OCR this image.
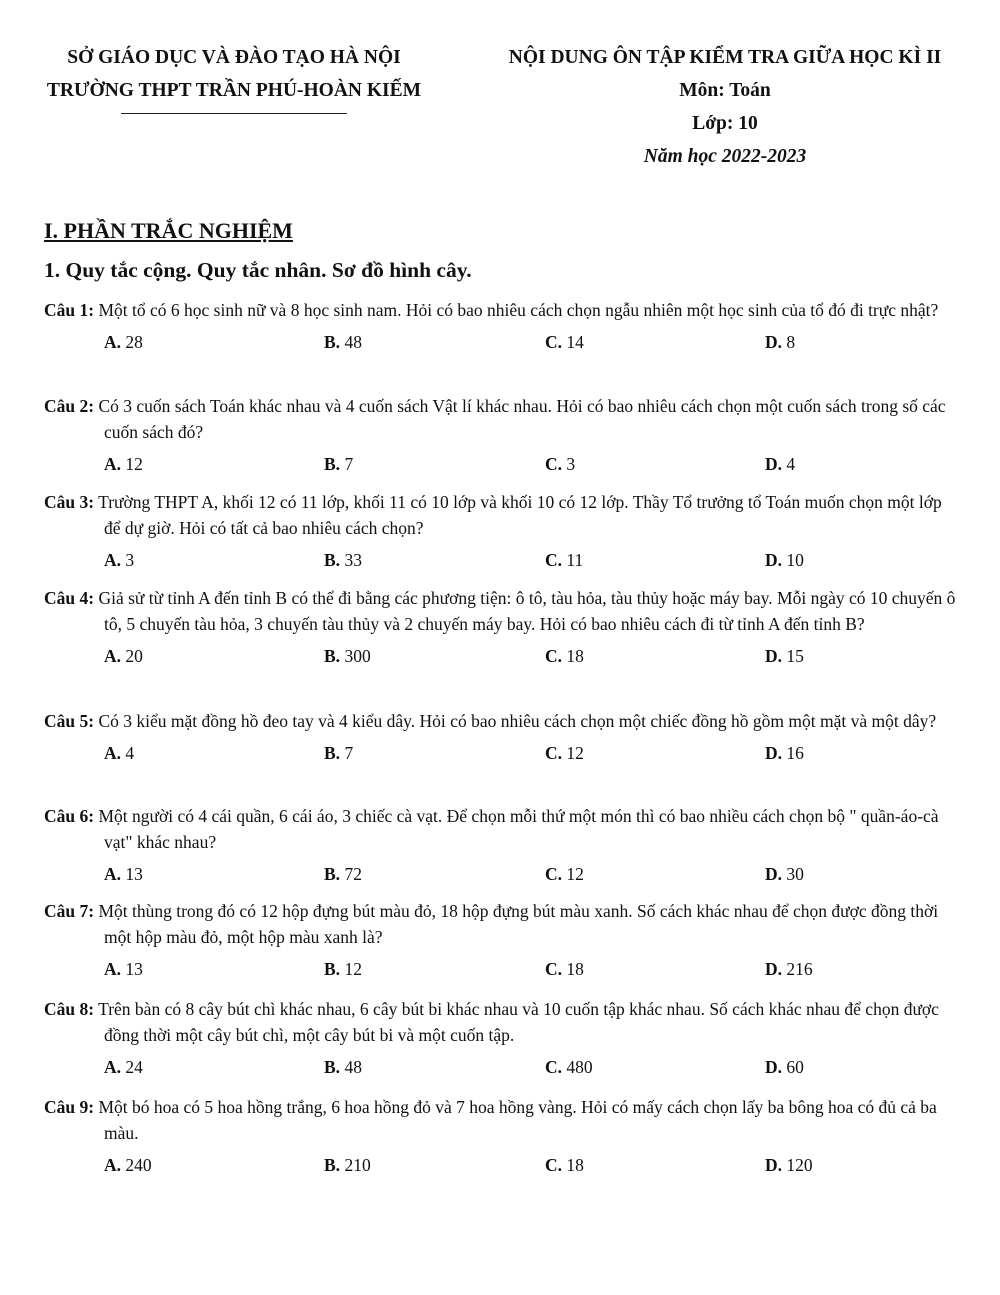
SỞ GIÁO DỤC VÀ ĐÀO TẠO HÀ NỘI
TRƯỜNG THPT TRẦN PHÚ-HOÀN KIẾM
NỘI DUNG ÔN TẬP KIỂM TRA GIỮA HỌC KÌ II
Môn: Toán
Lớp: 10
Năm học 2022-2023
I. PHẦN TRẮC NGHIỆM
1. Quy tắc cộng. Quy tắc nhân. Sơ đồ hình cây.
Câu 1: Một tổ có 6 học sinh nữ và 8 học sinh nam. Hỏi có bao nhiêu cách chọn ngẫu nhiên một học sinh của tổ đó đi trực nhật?
A. 28	B. 48	C. 14	D. 8
Câu 2: Có 3 cuốn sách Toán khác nhau và 4 cuốn sách Vật lí khác nhau. Hỏi có bao nhiêu cách chọn một cuốn sách trong số các cuốn sách đó?
A. 12	B. 7	C. 3	D. 4
Câu 3: Trường THPT A, khối 12 có 11 lớp, khối 11 có 10 lớp và khối 10 có 12 lớp. Thầy Tổ trưởng tổ Toán muốn chọn một lớp để dự giờ. Hỏi có tất cả bao nhiêu cách chọn?
A. 3	B. 33	C. 11	D. 10
Câu 4: Giả sử từ tỉnh A đến tỉnh B có thể đi bằng các phương tiện: ô tô, tàu hỏa, tàu thủy hoặc máy bay. Mỗi ngày có 10 chuyến ô tô, 5 chuyến tàu hỏa, 3 chuyến tàu thủy và 2 chuyến máy bay. Hỏi có bao nhiêu cách đi từ tỉnh A đến tỉnh B?
A. 20	B. 300	C. 18	D. 15
Câu 5: Có 3 kiểu mặt đồng hồ đeo tay và 4 kiểu dây. Hỏi có bao nhiêu cách chọn một chiếc đồng hồ gồm một mặt và một dây?
A. 4	B. 7	C. 12	D. 16
Câu 6: Một người có 4 cái quần, 6 cái áo, 3 chiếc cà vạt. Để chọn mỗi thứ một món thì có bao nhiều cách chọn bộ " quần-áo-cà vạt" khác nhau?
A. 13	B. 72	C. 12	D. 30
Câu 7: Một thùng trong đó có 12 hộp đựng bút màu đỏ, 18 hộp đựng bút màu xanh. Số cách khác nhau để chọn được đồng thời một hộp màu đỏ, một hộp màu xanh là?
A. 13	B. 12	C. 18	D. 216
Câu 8: Trên bàn có 8 cây bút chì khác nhau, 6 cây bút bi khác nhau và 10 cuốn tập khác nhau. Số cách khác nhau để chọn được đồng thời một cây bút chì, một cây bút bi và một cuốn tập.
A. 24	B. 48	C. 480	D. 60
Câu 9: Một bó hoa có 5 hoa hồng trắng, 6 hoa hồng đỏ và 7 hoa hồng vàng. Hỏi có mấy cách chọn lấy ba bông hoa có đủ cả ba màu.
A. 240	B. 210	C. 18	D. 120
